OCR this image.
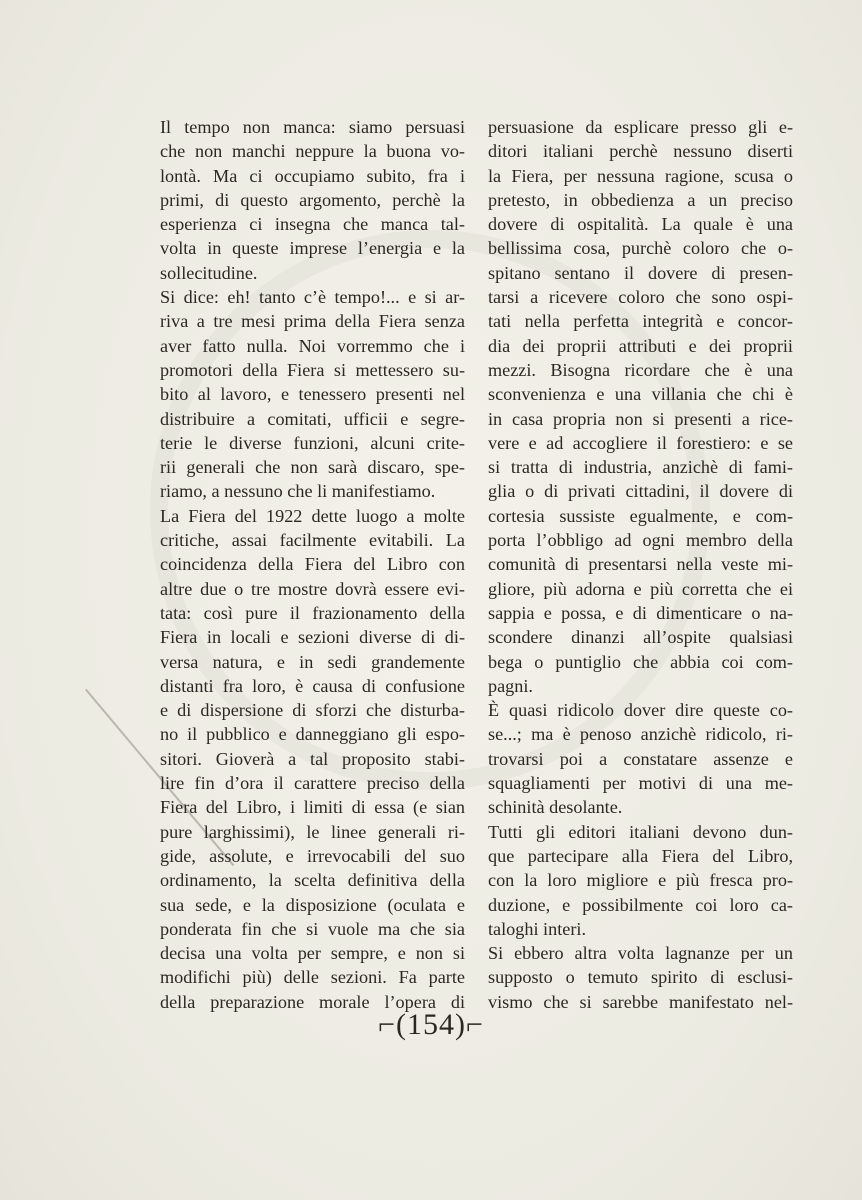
Il tempo non manca: siamo persuasi
che non manchi neppure la buona vo-
lontà. Ma ci occupiamo subito, fra i
primi, di questo argomento, perchè la
esperienza ci insegna che manca tal-
volta in queste imprese l’energia e la
sollecitudine.
Si dice: eh! tanto c’è tempo!... e si ar-
riva a tre mesi prima della Fiera senza
aver fatto nulla. Noi vorremmo che i
promotori della Fiera si mettessero su-
bito al lavoro, e tenessero presenti nel
distribuire a comitati, ufficii e segre-
terie le diverse funzioni, alcuni crite-
rii generali che non sarà discaro, spe-
riamo, a nessuno che li manifestiamo.
La Fiera del 1922 dette luogo a molte
critiche, assai facilmente evitabili. La
coincidenza della Fiera del Libro con
altre due o tre mostre dovrà essere evi-
tata: così pure il frazionamento della
Fiera in locali e sezioni diverse di di-
versa natura, e in sedi grandemente
distanti fra loro, è causa di confusione
e di dispersione di sforzi che disturba-
no il pubblico e danneggiano gli espo-
sitori. Gioverà a tal proposito stabi-
lire fin d’ora il carattere preciso della
Fiera del Libro, i limiti di essa (e sian
pure larghissimi), le linee generali ri-
gide, assolute, e irrevocabili del suo
ordinamento, la scelta definitiva della
sua sede, e la disposizione (oculata e
ponderata fin che si vuole ma che sia
decisa una volta per sempre, e non si
modifichi più) delle sezioni. Fa parte
della preparazione morale l’opera di
persuasione da esplicare presso gli e-
ditori italiani perchè nessuno diserti
la Fiera, per nessuna ragione, scusa o
pretesto, in obbedienza a un preciso
dovere di ospitalità. La quale è una
bellissima cosa, purchè coloro che o-
spitano sentano il dovere di presen-
tarsi a ricevere coloro che sono ospi-
tati nella perfetta integrità e concor-
dia dei proprii attributi e dei proprii
mezzi. Bisogna ricordare che è una
sconvenienza e una villania che chi è
in casa propria non si presenti a rice-
vere e ad accogliere il forestiero: e se
si tratta di industria, anzichè di fami-
glia o di privati cittadini, il dovere di
cortesia sussiste egualmente, e com-
porta l’obbligo ad ogni membro della
comunità di presentarsi nella veste mi-
gliore, più adorna e più corretta che ei
sappia e possa, e di dimenticare o na-
scondere dinanzi all’ospite qualsiasi
bega o puntiglio che abbia coi com-
pagni.
È quasi ridicolo dover dire queste co-
se...; ma è penoso anzichè ridicolo, ri-
trovarsi poi a constatare assenze e
squagliamenti per motivi di una me-
schinità desolante.
Tutti gli editori italiani devono dun-
que partecipare alla Fiera del Libro,
con la loro migliore e più fresca pro-
duzione, e possibilmente coi loro ca-
taloghi interi.
Si ebbero altra volta lagnanze per un
supposto o temuto spirito di esclusi-
vismo che si sarebbe manifestato nel-
⌐(154)⌐
